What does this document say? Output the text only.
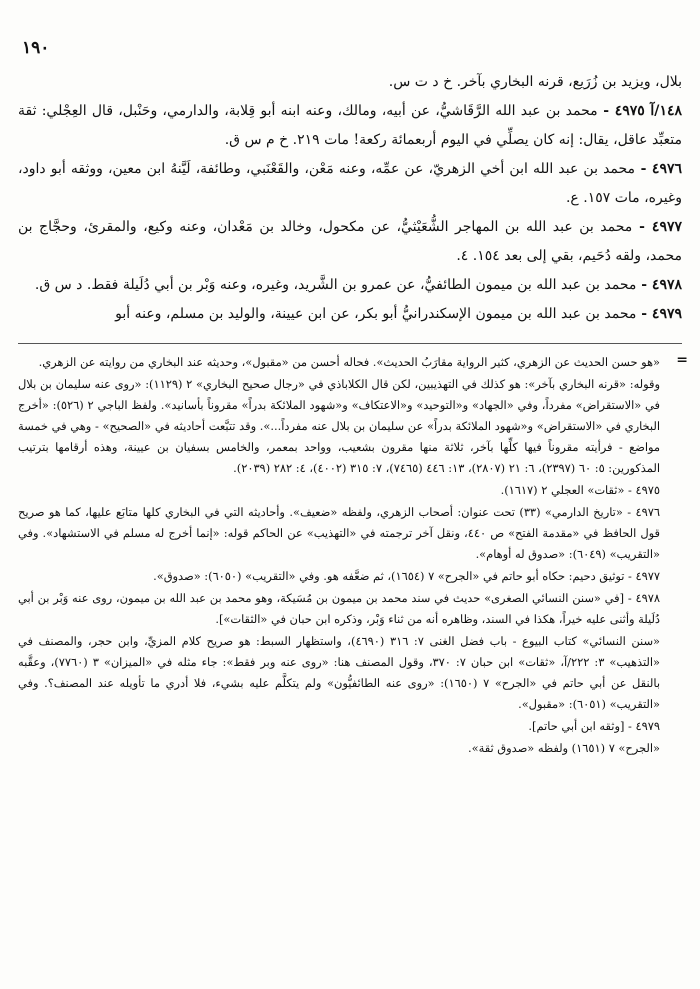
١٩٠

بلال، ويزيد بن زُرَيع، قرنه البخاري بآخر. خ د ت س.

١٤٨/آ ٤٩٧٥ - محمد بن عبد الله الرَّقَاشيُّ، عن أبيه، ومالك، وعنه ابنه أبو قِلابة، والدارمي، وحَنْبل، قال العِجْلي: ثقة متعبِّد عاقل، يقال: إنه كان يصلِّي في اليوم أربعمائة ركعة! مات ٢١٩. خ م س ق.

٤٩٧٦ - محمد بن عبد الله ابن أخي الزهريّ، عن عمِّه، وعنه مَعْن، والقَعْنَبي، وطائفة، لَيَّنهُ ابن معين، ووثقه أبو داود، وغيره، مات ١٥٧. ع.

٤٩٧٧ - محمد بن عبد الله بن المهاجر الشُّعَيْثيُّ، عن مكحول، وخالد بن مَعْدان، وعنه وكيع، والمقرئ، وحجَّاج بن محمد، ولقه دُحَيم، بقي إلى بعد ١٥٤. ٤.

٤٩٧٨ - محمد بن عبد الله بن ميمون الطائفيُّ، عن عمرو بن الشَّريد، وغيره، وعنه وَبْر بن أبي دُلَيلة فقط. د س ق.

٤٩٧٩ - محمد بن عبد الله بن ميمون الإسكندرانيُّ أبو بكر، عن ابن عيينة، والوليد بن مسلم، وعنه أبو

=

«هو حسن الحديث عن الزهري، كثير الرواية مقارَبُ الحديث». فحاله أحسن من «مقبول»، وحديثه عند البخاري من روايته عن الزهري.

وقوله: «قرنه البخاري بآخر»: هو كذلك في التهذيبين، لكن قال الكلاباذي في «رجال صحيح البخاري» ٢ (١١٢٩): «روى عنه سليمان بن بلال في «الاستقراض» مفرداً، وفي «الجهاد» و«التوحيد» و«الاعتكاف» و«شهود الملائكة بدراً» مقروناً بأسانيد». ولفظ الباجي ٢ (٥٢٦): «أخرج البخاري في «الاستقراض» و«شهود الملائكة بدراً» عن سليمان بن بلال عنه مفرداً...». وقد تتبَّعت أحاديثه في «الصحيح» - وهي في خمسة مواضع - فرأيته مقروناً فيها كلِّها بآخر، ثلاثة منها مقرون بشعيب، وواحد بمعمر، والخامس بسفيان بن عيينة، وهذه أرقامها بترتيب المذكورين: ٥: ٦٠ (٢٣٩٧)، ٦: ٢١ (٢٨٠٧)، ١٣: ٤٤٦ (٧٤٦٥)، ٧: ٣١٥ (٤٠٠٢)، ٤: ٢٨٢ (٢٠٣٩).

٤٩٧٥ - «ثقات» العجلي ٢ (١٦١٧).

٤٩٧٦ - «تاريخ الدارمي» (٣٣) تحت عنوان: أصحاب الزهري، ولفظه «ضعيف». وأحاديثه التي في البخاري كلها متابَع عليها، كما هو صريح قول الحافظ في «مقدمة الفتح» ص ٤٤٠، ونقل آخر ترجمته في «التهذيب» عن الحاكم قوله: «إنما أخرج له مسلم في الاستشهاد». وفي «التقريب» (٦٠٤٩): «صدوق له أوهام».

٤٩٧٧ - توثيق دحيم: حكاه أبو حاتم في «الجرح» ٧ (١٦٥٤)، ثم ضعَّفه هو. وفي «التقريب» (٦٠٥٠): «صدوق».

٤٩٧٨ - [في «سنن النسائي الصغرى» حديث في سند محمد بن ميمون بن مُسَيكة، وهو محمد بن عبد الله بن ميمون، روى عنه وَبْر بن أبي دُلَيلة وأثنى عليه خيراً، هكذا في السند، وظاهره أنه من ثناء وَبْر، وذكره ابن حبان في «الثقات»].

«سنن النسائي» كتاب البيوع - باب فضل الغنى ٧: ٣١٦ (٤٦٩٠)، واستظهار السبط: هو صريح كلام المزيِّ، وابن حجر، والمصنف في «التذهيب» ٣: ٢٢٢/آ، «ثقات» ابن حبان ٧: ٣٧٠، وقول المصنف هنا: «روى عنه وبر فقط»: جاء مثله في «الميزان» ٣ (٧٧٦٠)، وعقَّبه بالنقل عن أبي حاتم في «الجرح» ٧ (١٦٥٠): «روى عنه الطائفيُّون» ولم يتكلَّم عليه بشيء، فلا أدري ما تأويله عند المصنف؟. وفي «التقريب» (٦٠٥١): «مقبول».

٤٩٧٩ - [وثقه ابن أبي حاتم].

«الجرح» ٧ (١٦٥١) ولفظه «صدوق ثقة».
